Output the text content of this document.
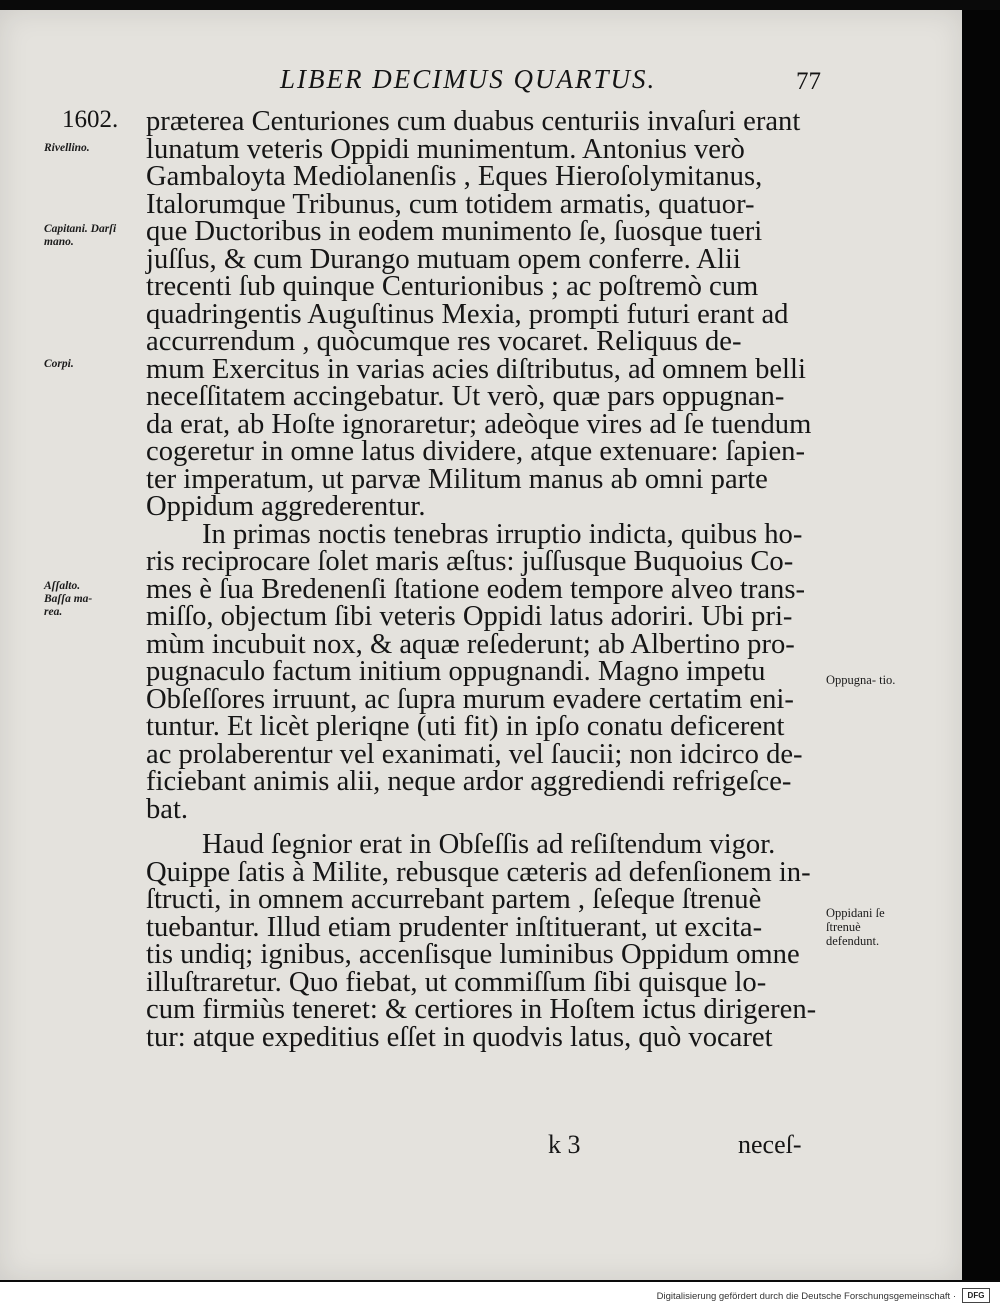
LIBER DECIMUS QUARTUS.	77
1602. præterea Centuriones cum duabus centuriis invaſuri erant
lunatum veteris Oppidi munimentum. Antonius verò
Gambaloyta Mediolanenſis , Eques Hieroſolymitanus,
Italorumque Tribunus, cum totidem armatis, quatuor-
que Ductoribus in eodem munimento ſe, ſuosque tueri
juſſus, & cum Durango mutuam opem conferre. Alii
trecenti ſub quinque Centurionibus ; ac poſtremò cum
quadringentis Auguſtinus Mexia, prompti futuri erant ad
accurrendum , quòcumque res vocaret. Reliquus de-
mum Exercitus in varias acies diſtributus, ad omnem belli
neceſſitatem accingebatur. Ut verò, quæ pars oppugnan-
da erat, ab Hoſte ignoraretur; adeòque vires ad ſe tuendum
cogeretur in omne latus dividere, atque extenuare: ſapien-
ter imperatum, ut parvæ Militum manus ab omni parte
Oppidum aggrederentur.
In primas noctis tenebras irruptio indicta, quibus ho-
ris reciprocare ſolet maris æſtus: juſſusque Buquoius Co-
mes è ſua Bredenenſi ſtatione eodem tempore alveo trans-
miſſo, objectum ſibi veteris Oppidi latus adoriri. Ubi pri-
mùm incubuit nox, & aquæ reſederunt; ab Albertino pro-
pugnaculo factum initium oppugnandi. Magno impetu
Obſeſſores irruunt, ac ſupra murum evadere certatim eni-
tuntur. Et licèt pleriqne (uti fit) in ipſo conatu deficerent
ac prolaberentur vel exanimati, vel ſaucii; non idcirco de-
ficiebant animis alii, neque ardor aggrediendi refrigeſce-
bat.
Haud ſegnior erat in Obſeſſis ad reſiſtendum vigor.
Quippe ſatis à Milite, rebusque cæteris ad defenſionem in-
ſtructi, in omnem accurrebant partem , ſeſeque ſtrenuè
tuebantur. Illud etiam prudenter inſtituerant, ut excita-
tis undiq; ignibus, accenſisque luminibus Oppidum omne
illuſtraretur. Quo fiebat, ut commiſſum ſibi quisque lo-
cum firmiùs teneret: & certiores in Hoſtem ictus dirigeren-
tur: atque expeditius eſſet in quodvis latus, quò vocaret
Rivellino.
Capitani. Darſi mano.
Corpi.
Aſſalto. Baſſa ma- rea.
Oppugna- tio.
Oppidani ſe ſtrenuè defendunt.
k 3	neceſ-
Digitalisierung gefördert durch die Deutsche Forschungsgemeinschaft ·	DFG
